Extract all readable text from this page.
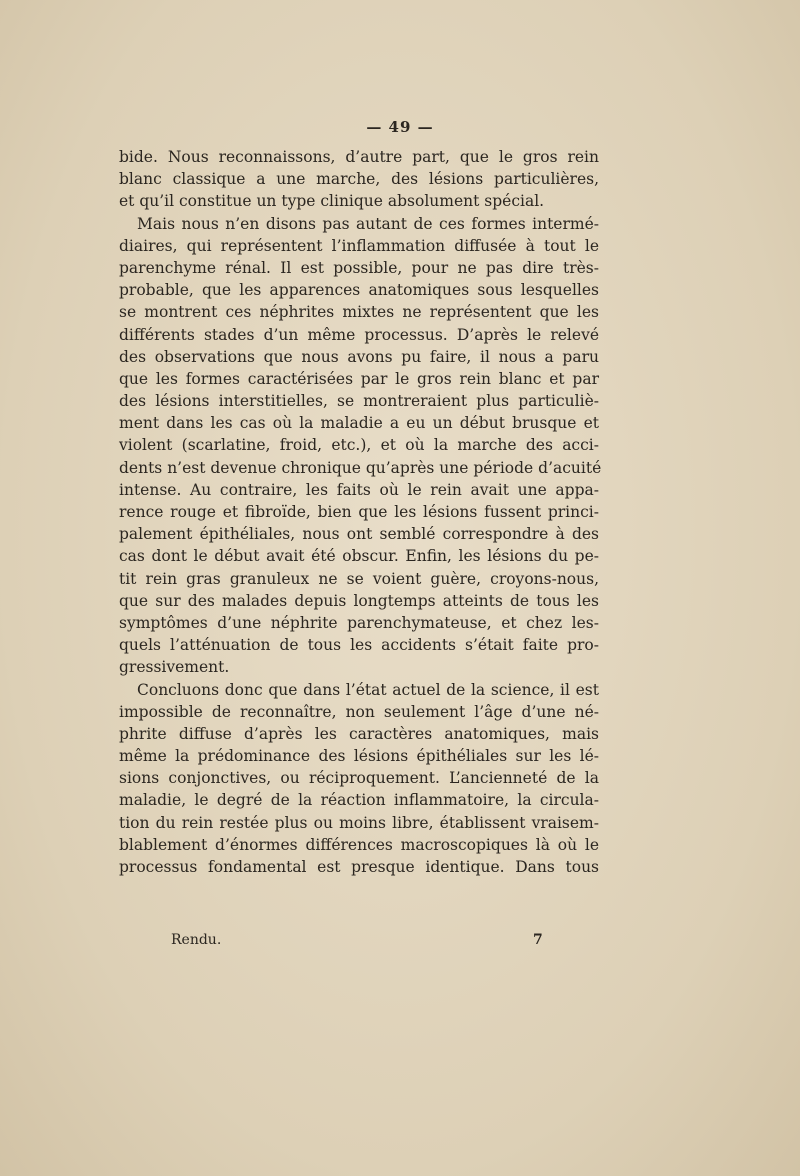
— 49 —
bide. Nous reconnaissons, d’autre part, que le gros rein
blanc classique a une marche, des lésions particulières,
et qu’il constitue un type clinique absolument spécial.
Mais nous n’en disons pas autant de ces formes intermé-
diaires, qui représentent l’inflammation diffusée à tout le
parenchyme rénal. Il est possible, pour ne pas dire très-
probable, que les apparences anatomiques sous lesquelles
se montrent ces néphrites mixtes ne représentent que les
différents stades d’un même processus. D’après le relevé
des observations que nous avons pu faire, il nous a paru
que les formes caractérisées par le gros rein blanc et par
des lésions interstitielles, se montreraient plus particuliè-
ment dans les cas où la maladie a eu un début brusque et
violent (scarlatine, froid, etc.), et où la marche des acci-
dents n’est devenue chronique qu’après une période d’acuité
intense. Au contraire, les faits où le rein avait une appa-
rence rouge et fibroïde, bien que les lésions fussent princi-
palement épithéliales, nous ont semblé correspondre à des
cas dont le début avait été obscur. Enfin, les lésions du pe-
tit rein gras granuleux ne se voient guère, croyons-nous,
que sur des malades depuis longtemps atteints de tous les
symptômes d’une néphrite parenchymateuse, et chez les-
quels l’atténuation de tous les accidents s’était faite pro-
gressivement.
Concluons donc que dans l’état actuel de la science, il est
impossible de reconnaître, non seulement l’âge d’une né-
phrite diffuse d’après les caractères anatomiques, mais
même la prédominance des lésions épithéliales sur les lé-
sions conjonctives, ou réciproquement. L’ancienneté de la
maladie, le degré de la réaction inflammatoire, la circula-
tion du rein restée plus ou moins libre, établissent vraisem-
blablement d’énormes différences macroscopiques là où le
processus fondamental est presque identique. Dans tous
Rendu.	7
